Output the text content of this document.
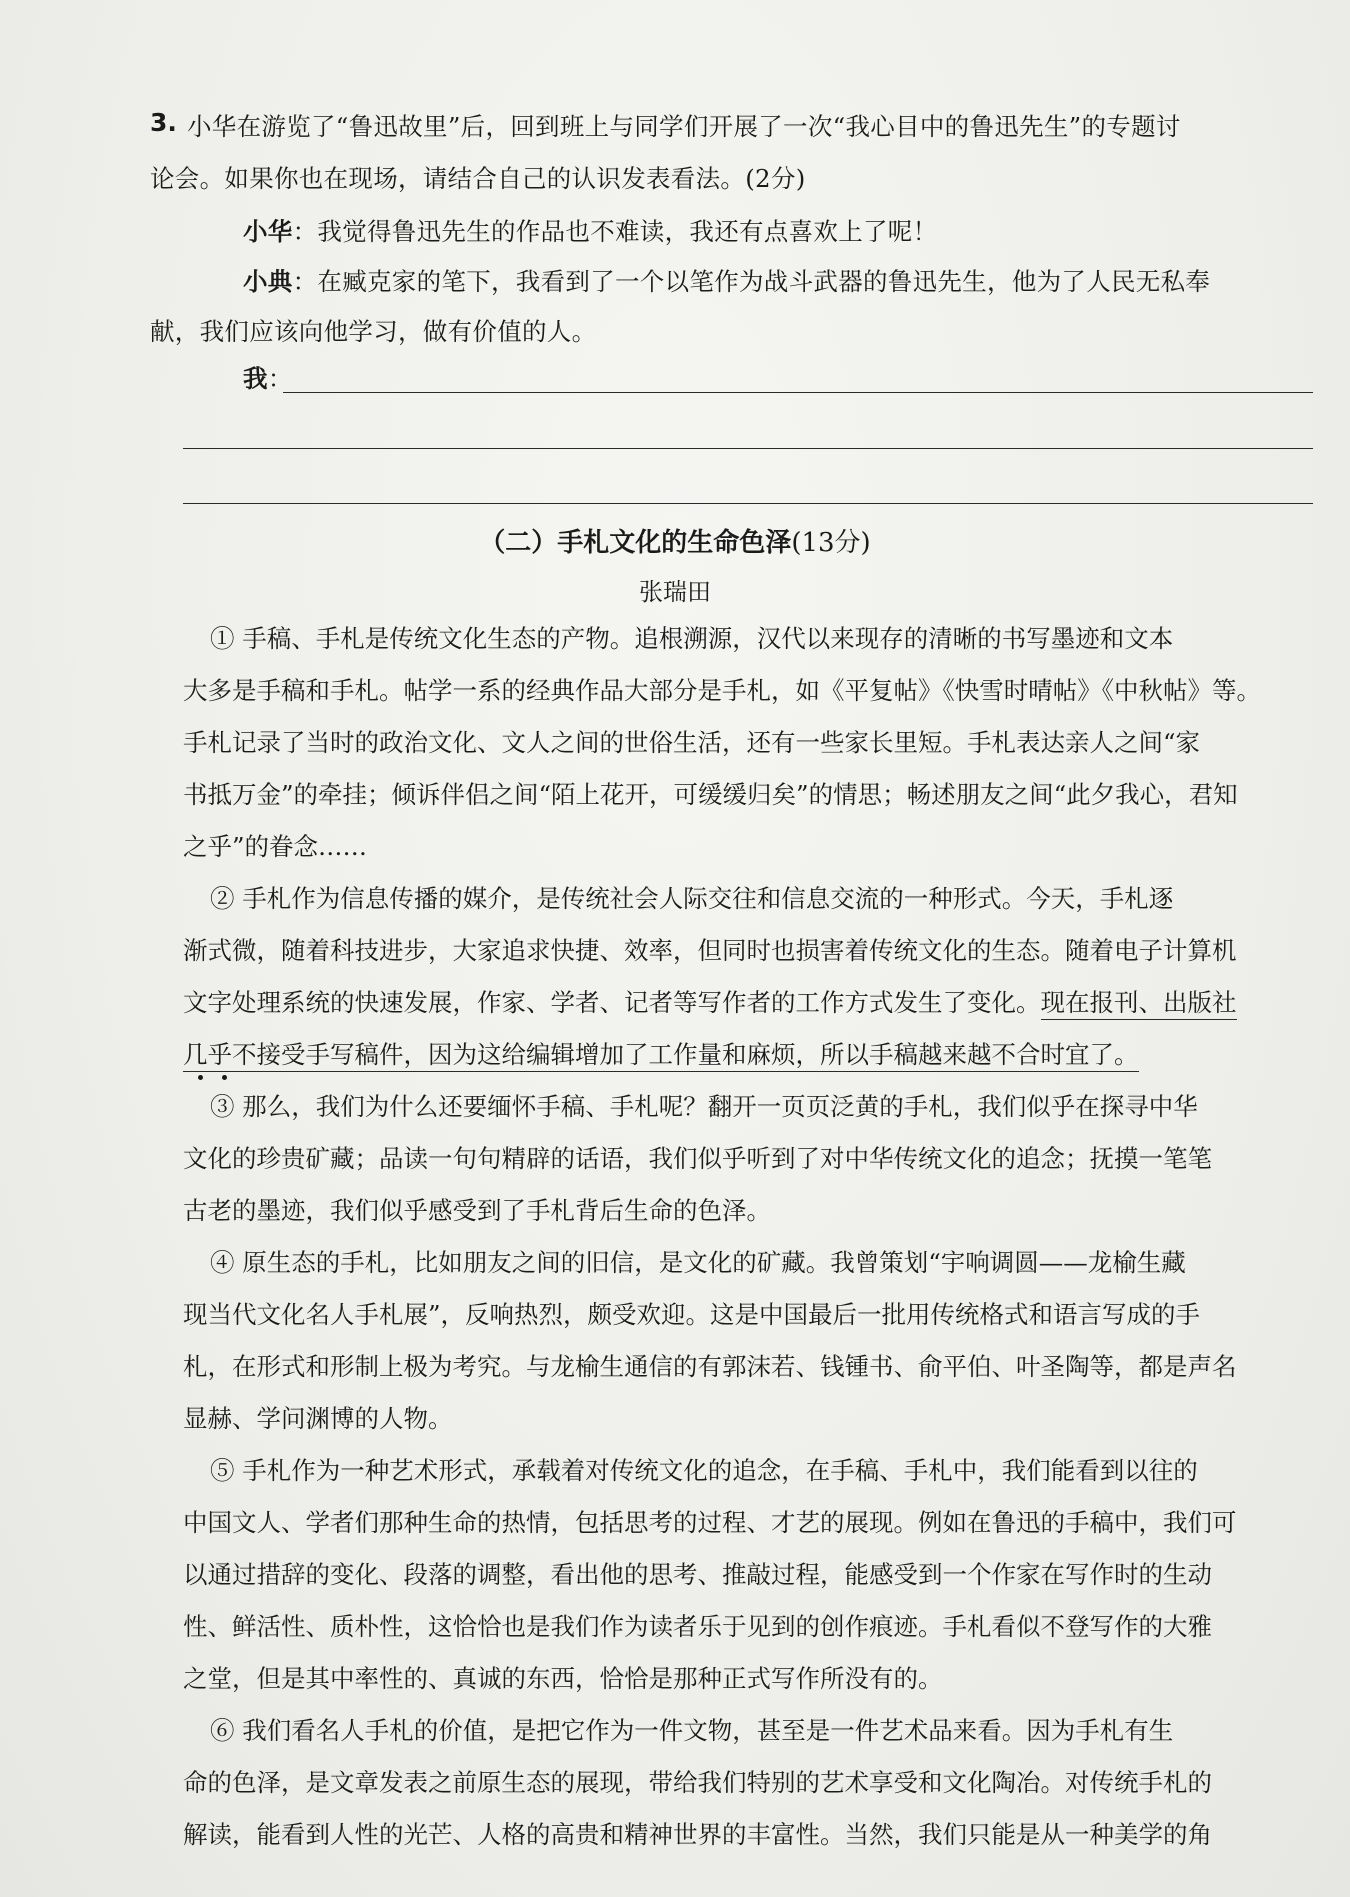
3. 小华在游览了“鲁迅故里”后，回到班上与同学们开展了一次“我心目中的鲁迅先生”的专题讨
论会。如果你也在现场，请结合自己的认识发表看法。(2分)
小华：我觉得鲁迅先生的作品也不难读，我还有点喜欢上了呢！
小典：在臧克家的笔下，我看到了一个以笔作为战斗武器的鲁迅先生，他为了人民无私奉
献，我们应该向他学习，做有价值的人。
我：
（二）手札文化的生命色泽(13分)
张瑞田
① 手稿、手札是传统文化生态的产物。追根溯源，汉代以来现存的清晰的书写墨迹和文本
大多是手稿和手札。帖学一系的经典作品大部分是手札，如《平复帖》《快雪时晴帖》《中秋帖》等。
手札记录了当时的政治文化、文人之间的世俗生活，还有一些家长里短。手札表达亲人之间“家
书抵万金”的牵挂；倾诉伴侣之间“陌上花开，可缓缓归矣”的情思；畅述朋友之间“此夕我心，君知
之乎”的眷念……
② 手札作为信息传播的媒介，是传统社会人际交往和信息交流的一种形式。今天，手札逐
渐式微，随着科技进步，大家追求快捷、效率，但同时也损害着传统文化的生态。随着电子计算机
文字处理系统的快速发展，作家、学者、记者等写作者的工作方式发生了变化。现在报刊、出版社
几乎不接受手写稿件，因为这给编辑增加了工作量和麻烦，所以手稿越来越不合时宜了。
③ 那么，我们为什么还要缅怀手稿、手札呢？翻开一页页泛黄的手札，我们似乎在探寻中华
文化的珍贵矿藏；品读一句句精辟的话语，我们似乎听到了对中华传统文化的追念；抚摸一笔笔
古老的墨迹，我们似乎感受到了手札背后生命的色泽。
④ 原生态的手札，比如朋友之间的旧信，是文化的矿藏。我曾策划“宇响调圆——龙榆生藏
现当代文化名人手札展”，反响热烈，颇受欢迎。这是中国最后一批用传统格式和语言写成的手
札，在形式和形制上极为考究。与龙榆生通信的有郭沫若、钱锺书、俞平伯、叶圣陶等，都是声名
显赫、学问渊博的人物。
⑤ 手札作为一种艺术形式，承载着对传统文化的追念，在手稿、手札中，我们能看到以往的
中国文人、学者们那种生命的热情，包括思考的过程、才艺的展现。例如在鲁迅的手稿中，我们可
以通过措辞的变化、段落的调整，看出他的思考、推敲过程，能感受到一个作家在写作时的生动
性、鲜活性、质朴性，这恰恰也是我们作为读者乐于见到的创作痕迹。手札看似不登写作的大雅
之堂，但是其中率性的、真诚的东西，恰恰是那种正式写作所没有的。
⑥ 我们看名人手札的价值，是把它作为一件文物，甚至是一件艺术品来看。因为手札有生
命的色泽，是文章发表之前原生态的展现，带给我们特别的艺术享受和文化陶冶。对传统手札的
解读，能看到人性的光芒、人格的高贵和精神世界的丰富性。当然，我们只能是从一种美学的角
